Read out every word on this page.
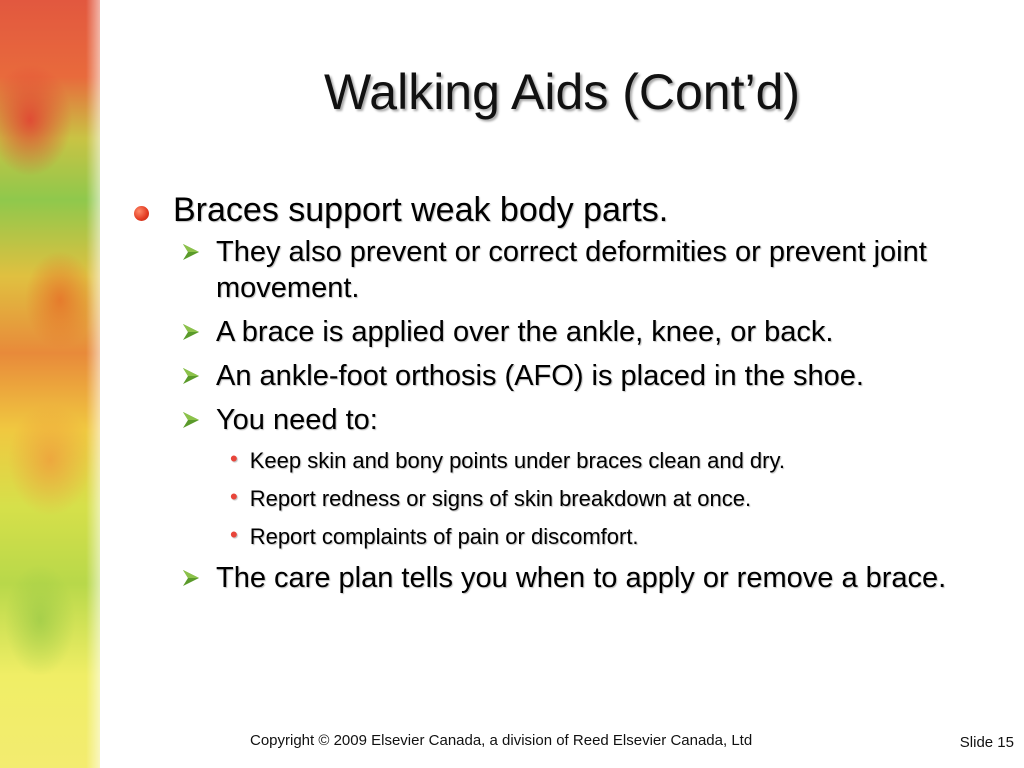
Walking Aids (Cont’d)
Braces support weak body parts.
They also prevent or correct deformities or prevent joint movement.
A brace is applied over the ankle, knee, or back.
An ankle-foot orthosis (AFO) is placed in the shoe.
You need to:
• Keep skin and bony points under braces clean and dry.
• Report redness or signs of skin breakdown at once.
• Report complaints of pain or discomfort.
The care plan tells you when to apply or remove a brace.
Copyright © 2009 Elsevier Canada, a division of Reed Elsevier Canada, Ltd	Slide 15
